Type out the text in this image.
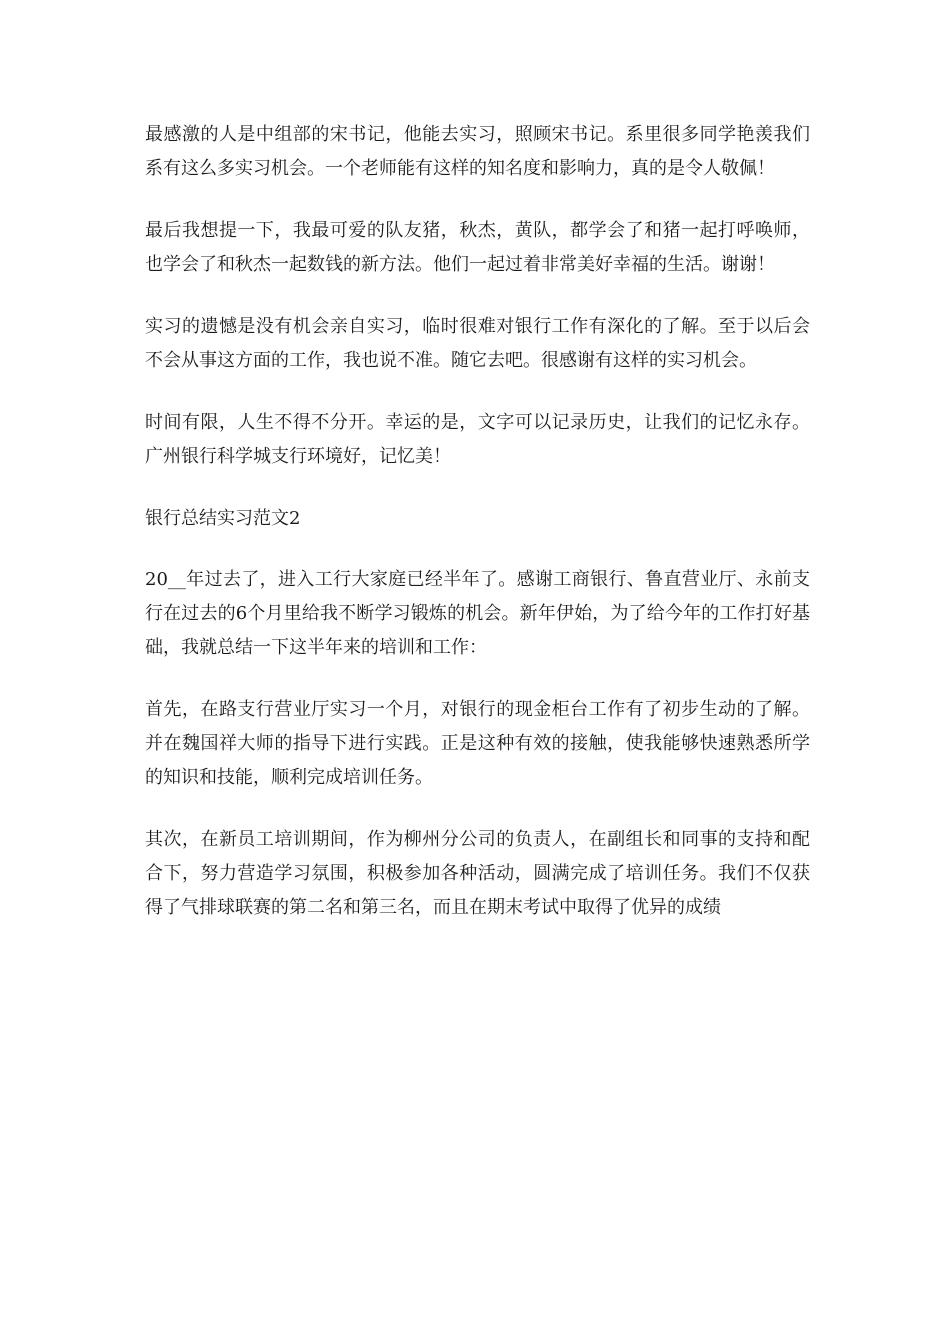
最感激的人是中组部的宋书记，他能去实习，照顾宋书记。系里很多同学艳羡我们系有这么多实习机会。一个老师能有这样的知名度和影响力，真的是令人敬佩！

最后我想提一下，我最可爱的队友猪，秋杰，黄队，都学会了和猪一起打呼唤师，也学会了和秋杰一起数钱的新方法。他们一起过着非常美好幸福的生活。谢谢！

实习的遗憾是没有机会亲自实习，临时很难对银行工作有深化的了解。至于以后会不会从事这方面的工作，我也说不准。随它去吧。很感谢有这样的实习机会。

时间有限，人生不得不分开。幸运的是，文字可以记录历史，让我们的记忆永存。广州银行科学城支行环境好，记忆美！

银行总结实习范文2

20__年过去了，进入工行大家庭已经半年了。感谢工商银行、鲁直营业厅、永前支行在过去的6个月里给我不断学习锻炼的机会。新年伊始，为了给今年的工作打好基础，我就总结一下这半年来的培训和工作：

首先，在路支行营业厅实习一个月，对银行的现金柜台工作有了初步生动的了解。并在魏国祥大师的指导下进行实践。正是这种有效的接触，使我能够快速熟悉所学的知识和技能，顺利完成培训任务。

其次，在新员工培训期间，作为柳州分公司的负责人，在副组长和同事的支持和配合下，努力营造学习氛围，积极参加各种活动，圆满完成了培训任务。我们不仅获得了气排球联赛的第二名和第三名，而且在期末考试中取得了优异的成绩
